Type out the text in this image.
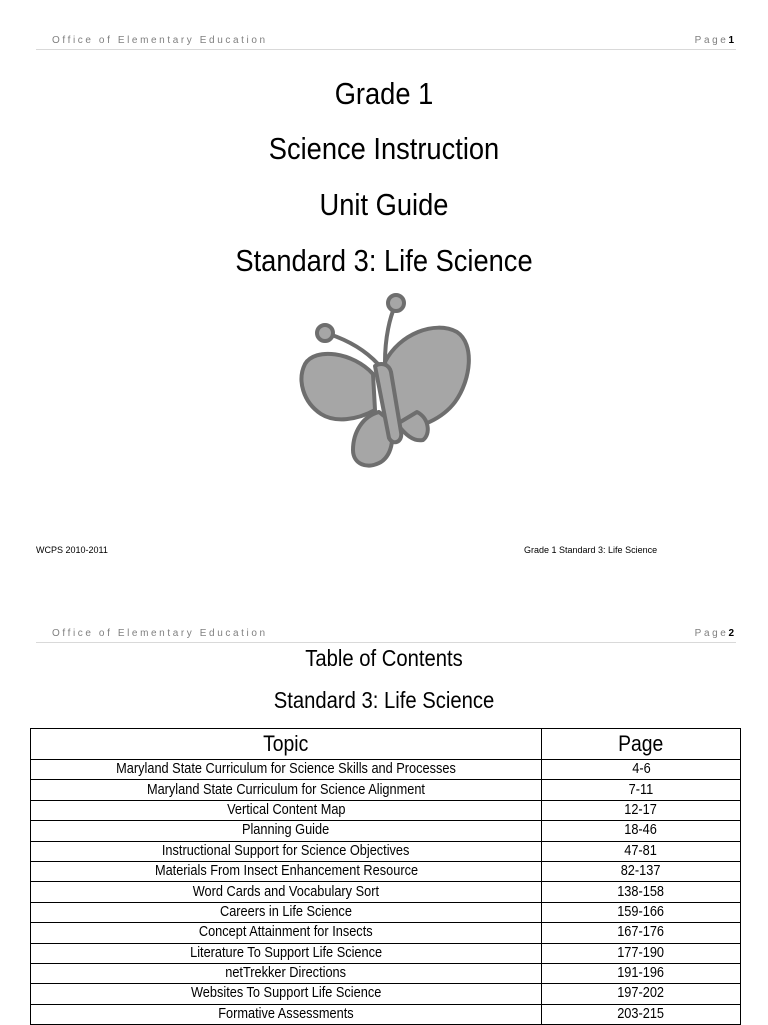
Office of Elementary Education	Page1
Grade 1
Science Instruction
Unit Guide
Standard 3: Life Science
WCPS 2010-2011	Grade 1 Standard 3: Life Science
Office of Elementary Education	Page2
Table of Contents
Standard 3: Life Science
Topic	Page
Maryland State Curriculum for Science Skills and Processes	4-6
Maryland State Curriculum for Science Alignment	7-11
Vertical Content Map	12-17
Planning Guide	18-46
Instructional Support for Science Objectives	47-81
Materials From Insect Enhancement Resource	82-137
Word Cards and Vocabulary Sort	138-158
Careers in Life Science	159-166
Concept Attainment for Insects	167-176
Literature To Support Life Science	177-190
netTrekker Directions	191-196
Websites To Support Life Science	197-202
Formative Assessments	203-215
